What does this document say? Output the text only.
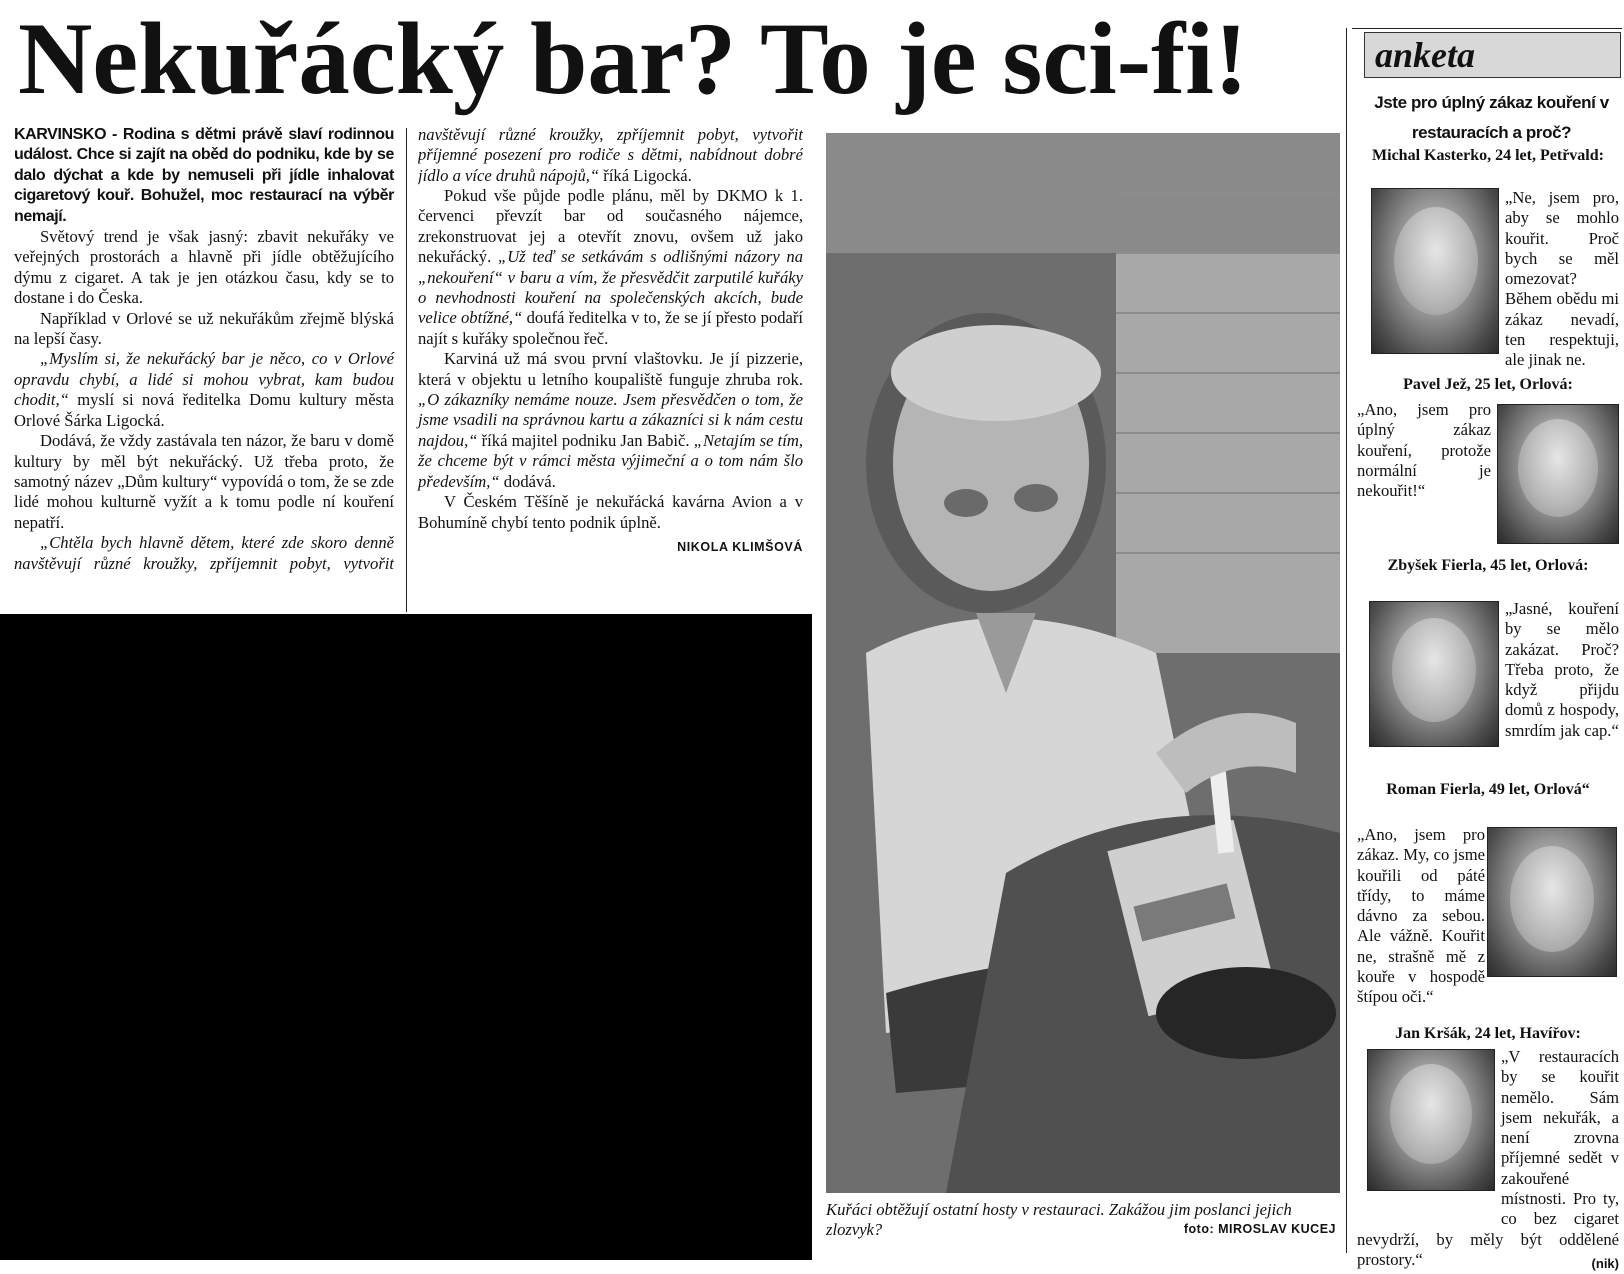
Nekuřácký bar? To je sci-fi!

KARVINSKO - Rodina s dětmi právě slaví rodinnou událost. Chce si zajít na oběd do podniku, kde by se dalo dýchat a kde by nemuseli při jídle inhalovat cigaretový kouř. Bohužel, moc restaurací na výběr nemají.

Světový trend je však jasný: zbavit nekuřáky ve veřejných prostorách a hlavně při jídle obtěžujícího dýmu z cigaret. A tak je jen otázkou času, kdy se to dostane i do Česka.

Například v Orlové se už nekuřákům zřejmě blýská na lepší časy.

„Myslím si, že nekuřácký bar je něco, co v Orlové opravdu chybí, a lidé si mohou vybrat, kam budou chodit,“ myslí si nová ředitelka Domu kultury města Orlové Šárka Ligocká.

Dodává, že vždy zastávala ten názor, že baru v domě kultury by měl být nekuřácký. Už třeba proto, že samotný název „Dům kultury“ vypovídá o tom, že se zde lidé mohou kulturně vyžít a k tomu podle ní kouření nepatří.

„Chtěla bych hlavně dětem, které zde skoro denně navštěvují různé kroužky, zpříjemnit pobyt, vytvořit

navštěvují různé kroužky, zpříjemnit pobyt, vytvořit příjemné posezení pro rodiče s dětmi, nabídnout dobré jídlo a více druhů nápojů,“ říká Ligocká.

Pokud vše půjde podle plánu, měl by DKMO k 1. červenci převzít bar od současného nájemce, zrekonstruovat jej a otevřít znovu, ovšem už jako nekuřácký. „Už teď se setkávám s odlišnými názory na „nekouření“ v baru a vím, že přesvědčit zarputilé kuřáky o nevhodnosti kouření na společenských akcích, bude velice obtížné,“ doufá ředitelka v to, že se jí přesto podaří najít s kuřáky společnou řeč.

Karviná už má svou první vlaštovku. Je jí pizzerie, která v objektu u letního koupaliště funguje zhruba rok. „O zákazníky nemáme nouze. Jsem přesvědčen o tom, že jsme vsadili na správnou kartu a zákazníci si k nám cestu najdou,“ říká majitel podniku Jan Babič. „Netajím se tím, že chceme být v rámci města výjimeční a o tom nám šlo především,“ dodává.

V Českém Těšíně je nekuřácká kavárna Avion a v Bohumíně chybí tento podnik úplně.

NIKOLA KLIMŠOVÁ

Kuřáci obtěžují ostatní hosty v restauraci. Zakážou jim poslanci jejich zlozvyk?	foto: MIROSLAV KUCEJ
anketa
Jste pro úplný zákaz kouření v restauracích a proč?
Michal Kasterko, 24 let, Petřvald:
„Ne, jsem pro, aby se mohlo kouřit. Proč bych se měl omezovat? Během obědu mi zákaz nevadí, ten respektuji, ale jinak ne.
Pavel Jež, 25 let, Orlová:
„Ano, jsem pro úplný zákaz kouření, protože normální je nekouřit!“
Zbyšek Fierla, 45 let, Orlová:
„Jasné, kouření by se mělo zakázat. Proč? Třeba proto, že když přijdu domů z hospody, smrdím jak cap.“
Roman Fierla, 49 let, Orlová“
„Ano, jsem pro zákaz. My, co jsme kouřili od páté třídy, to máme dávno za sebou. Ale vážně. Kouřit ne, strašně mě z kouře v hospodě štípou oči.“
Jan Kršák, 24 let, Havířov:
„V restauracích by se kouřit nemělo. Sám jsem nekuřák, a není zrovna příjemné sedět v zakouřené místnosti. Pro ty, co bez cigaret nevydrží, by měly být oddělené prostory.“	(nik)
